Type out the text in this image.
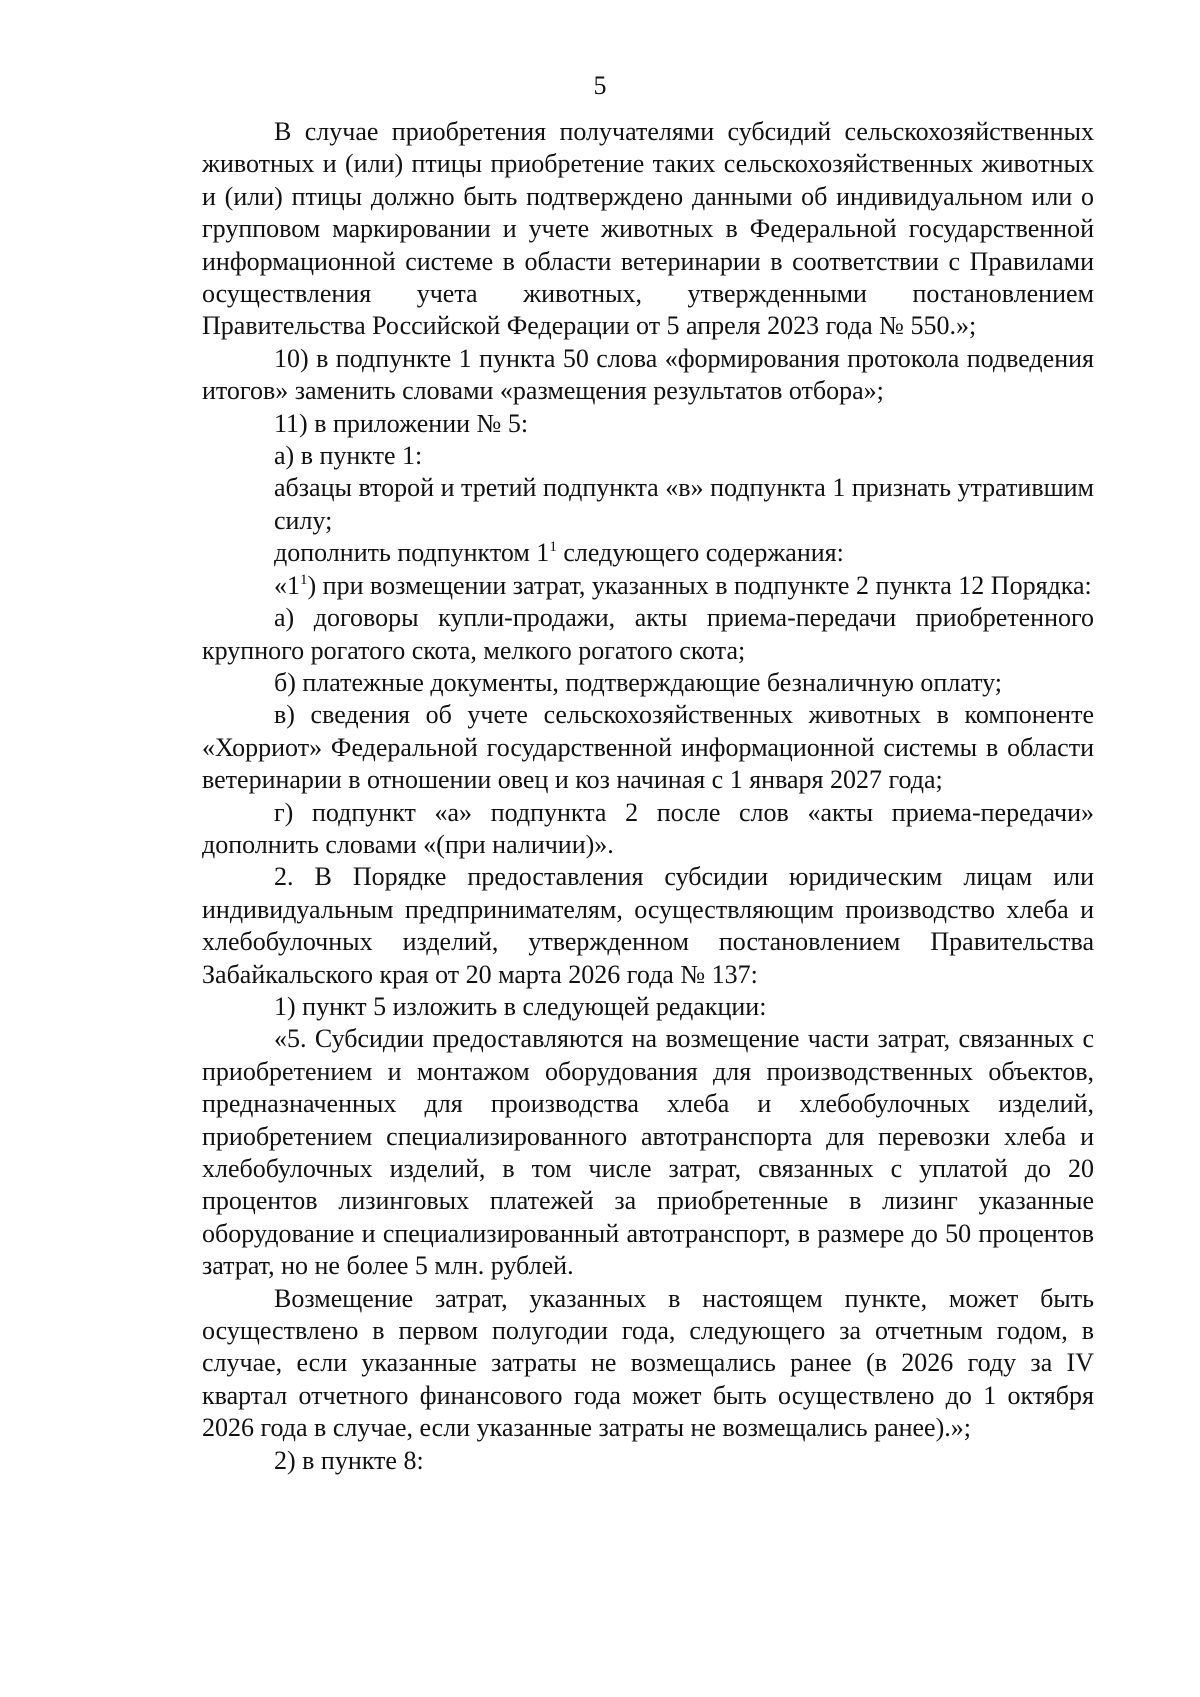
5

В случае приобретения получателями субсидий сельскохозяйственных животных и (или) птицы приобретение таких сельскохозяйственных животных и (или) птицы должно быть подтверждено данными об индивидуальном или о групповом маркировании и учете животных в Федеральной государственной информационной системе в области ветеринарии в соответствии с Правилами осуществления учета животных, утвержденными постановлением Правительства Российской Федерации от 5 апреля 2023 года № 550.»;

10) в подпункте 1 пункта 50 слова «формирования протокола подведения итогов» заменить словами «размещения результатов отбора»;

11) в приложении № 5:

а) в пункте 1:

абзацы второй и третий подпункта «в» подпункта 1 признать утратившим силу;

дополнить подпунктом $1^1$ следующего содержания:

«$1^1$) при возмещении затрат, указанных в подпункте 2 пункта 12 Порядка:

а) договоры купли-продажи, акты приема-передачи приобретенного крупного рогатого скота, мелкого рогатого скота;

б) платежные документы, подтверждающие безналичную оплату;

в) сведения об учете сельскохозяйственных животных в компоненте «Хорриот» Федеральной государственной информационной системы в области ветеринарии в отношении овец и коз начиная с 1 января 2027 года;

г) подпункт «а» подпункта 2 после слов «акты приема-передачи» дополнить словами «(при наличии)».

2. В Порядке предоставления субсидии юридическим лицам или индивидуальным предпринимателям, осуществляющим производство хлеба и хлебобулочных изделий, утвержденном постановлением Правительства Забайкальского края от 20 марта 2026 года № 137:

1) пункт 5 изложить в следующей редакции:

«5. Субсидии предоставляются на возмещение части затрат, связанных с приобретением и монтажом оборудования для производственных объектов, предназначенных для производства хлеба и хлебобулочных изделий, приобретением специализированного автотранспорта для перевозки хлеба и хлебобулочных изделий, в том числе затрат, связанных с уплатой до 20 процентов лизинговых платежей за приобретенные в лизинг указанные оборудование и специализированный автотранспорт, в размере до 50 процентов затрат, но не более 5 млн. рублей.

Возмещение затрат, указанных в настоящем пункте, может быть осуществлено в первом полугодии года, следующего за отчетным годом, в случае, если указанные затраты не возмещались ранее (в 2026 году за IV квартал отчетного финансового года может быть осуществлено до 1 октября 2026 года в случае, если указанные затраты не возмещались ранее).»;

2) в пункте 8:
